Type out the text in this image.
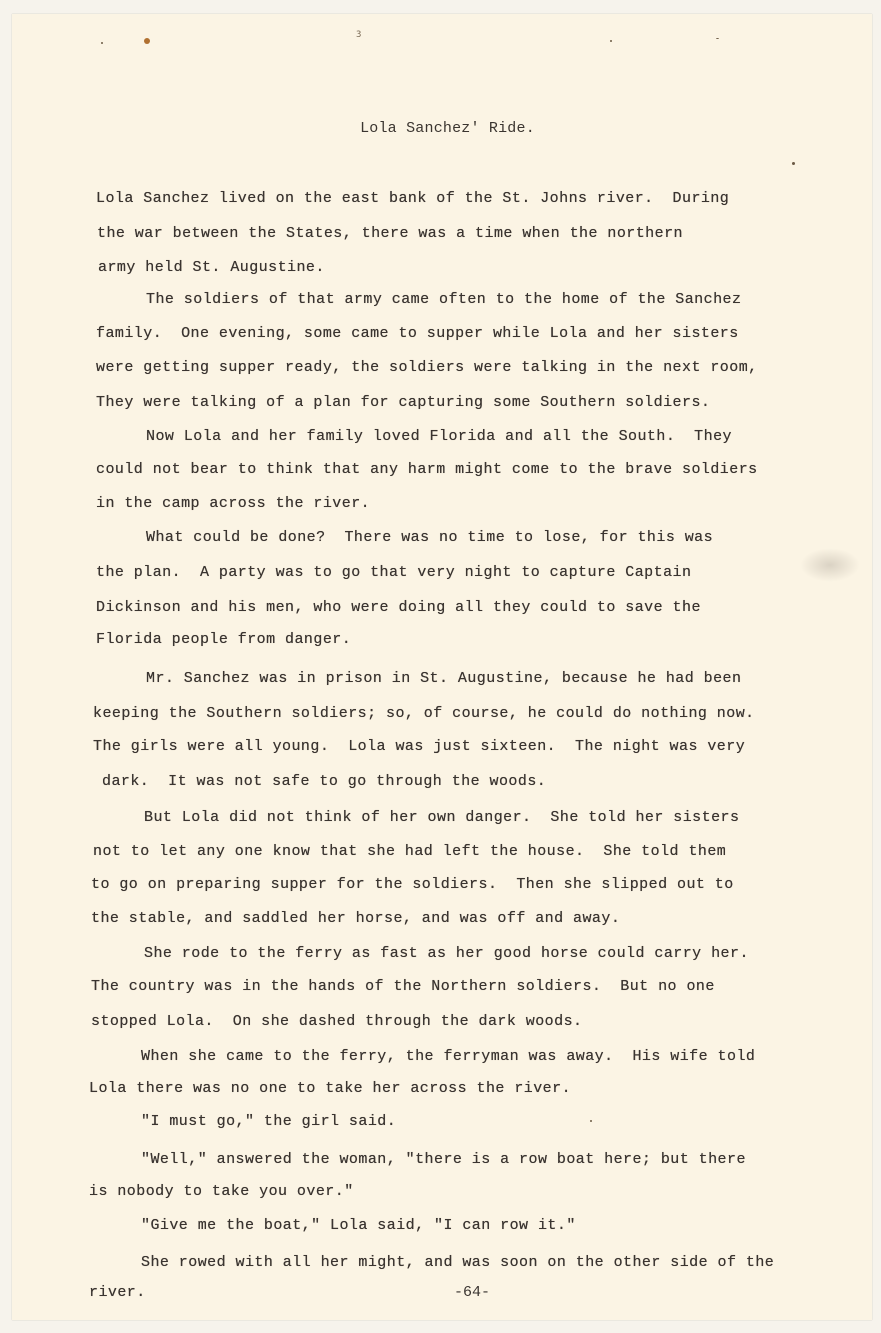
3
Lola Sanchez' Ride.
Lola Sanchez lived on the east bank of the St. Johns river.  During
the war between the States, there was a time when the northern
army held St. Augustine.
The soldiers of that army came often to the home of the Sanchez
family.  One evening, some came to supper while Lola and her sisters
were getting supper ready, the soldiers were talking in the next room,
They were talking of a plan for capturing some Southern soldiers.
Now Lola and her family loved Florida and all the South.  They
could not bear to think that any harm might come to the brave soldiers
in the camp across the river.
What could be done?  There was no time to lose, for this was
the plan.  A party was to go that very night to capture Captain
Dickinson and his men, who were doing all they could to save the
Florida people from danger.
Mr. Sanchez was in prison in St. Augustine, because he had been
keeping the Southern soldiers; so, of course, he could do nothing now.
The girls were all young.  Lola was just sixteen.  The night was very
dark.  It was not safe to go through the woods.
But Lola did not think of her own danger.  She told her sisters
not to let any one know that she had left the house.  She told them
to go on preparing supper for the soldiers.  Then she slipped out to
the stable, and saddled her horse, and was off and away.
She rode to the ferry as fast as her good horse could carry her.
The country was in the hands of the Northern soldiers.  But no one
stopped Lola.  On she dashed through the dark woods.
When she came to the ferry, the ferryman was away.  His wife told
Lola there was no one to take her across the river.
"I must go," the girl said.
"Well," answered the woman, "there is a row boat here; but there
is nobody to take you over."
"Give me the boat," Lola said, "I can row it."
She rowed with all her might, and was soon on the other side of the
river.	-64-
